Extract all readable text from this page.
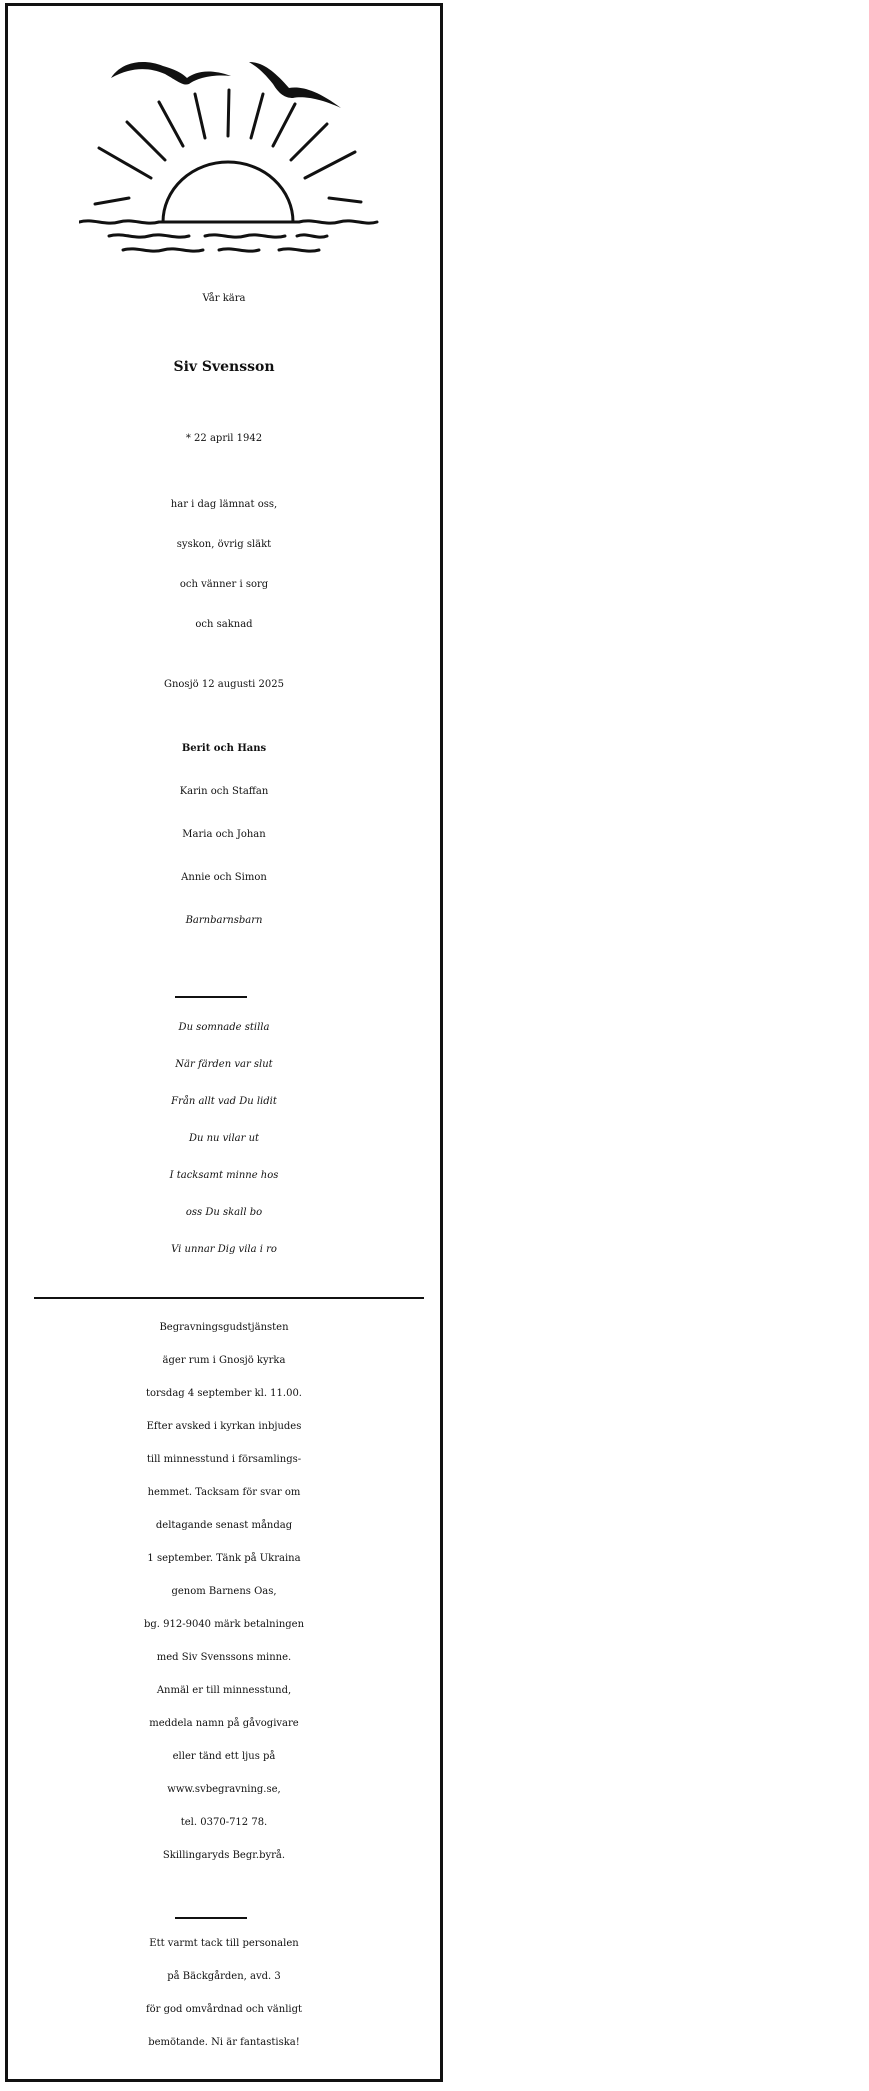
Vår kära
Siv Svensson
* 22 april 1942
har i dag lämnat oss,
syskon, övrig släkt
och vänner i sorg
och saknad
Gnosjö 12 augusti 2025
Berit och Hans
Karin och Staffan
Maria och Johan
Annie och Simon
Barnbarnsbarn
Du somnade stilla
När färden var slut
Från allt vad Du lidit
Du nu vilar ut
I tacksamt minne hos
oss Du skall bo
Vi unnar Dig vila i ro
Begravningsgudstjänsten
äger rum i Gnosjö kyrka
torsdag 4 september kl. 11.00.
Efter avsked i kyrkan inbjudes
till minnesstund i församlings-
hemmet. Tacksam för svar om
deltagande senast måndag
1 september. Tänk på Ukraina
genom Barnens Oas,
bg. 912-9040 märk betalningen
med Siv Svenssons minne.
Anmäl er till minnesstund,
meddela namn på gåvogivare
eller tänd ett ljus på
www.svbegravning.se,
tel. 0370-712 78.
Skillingaryds Begr.byrå.
Ett varmt tack till personalen
på Bäckgården, avd. 3
för god omvårdnad och vänligt
bemötande. Ni är fantastiska!
